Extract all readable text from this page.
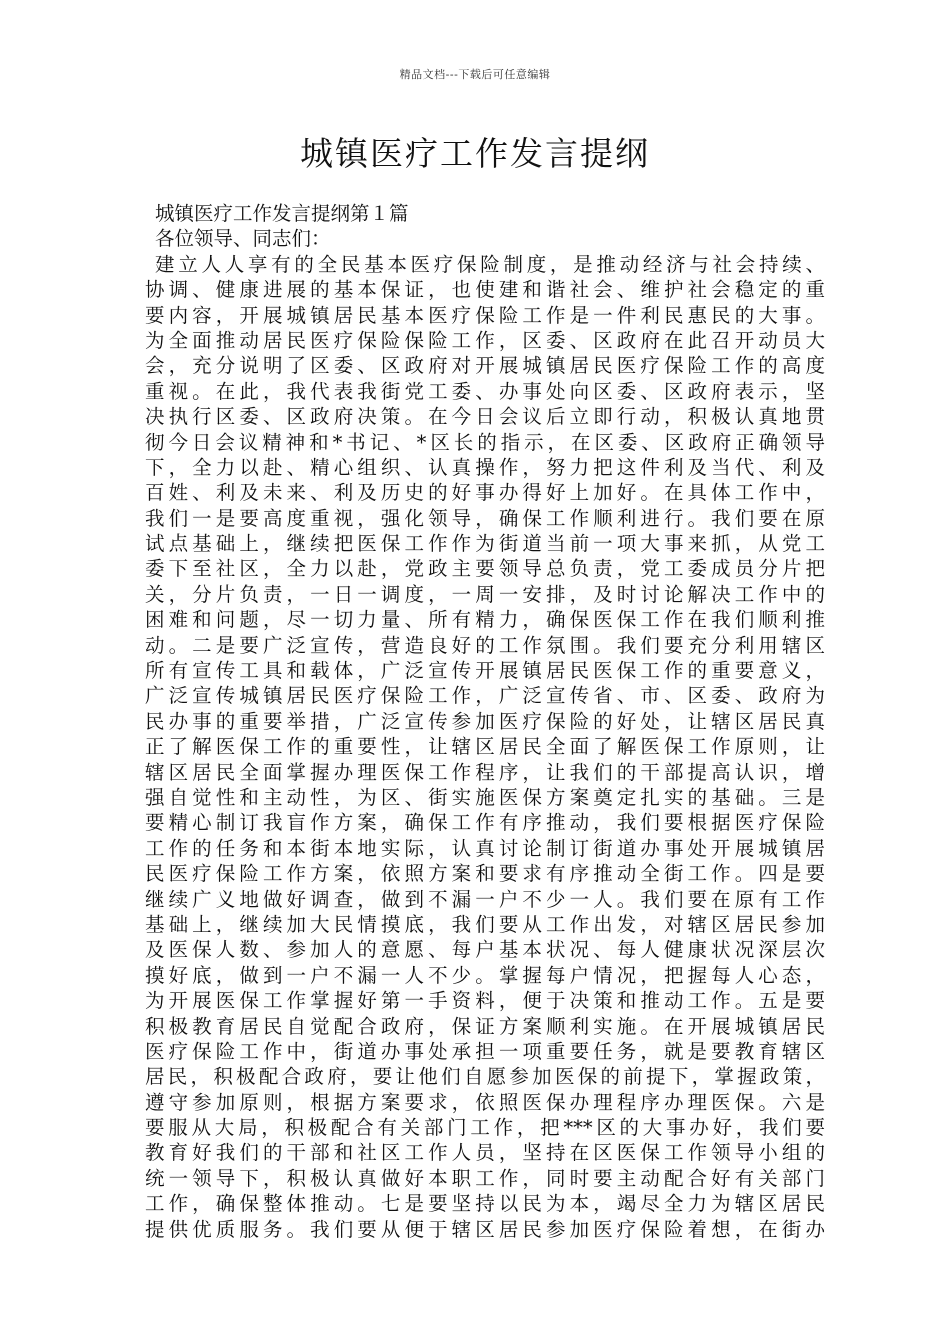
精品文档---下载后可任意编辑
城镇医疗工作发言提纲
城镇医疗工作发言提纲第１篇
各位领导、同志们：
建立人人享有的全民基本医疗保险制度，是推动经济与社会持续、
协调、健康进展的基本保证，也使建和谐社会、维护社会稳定的重
要内容，开展城镇居民基本医疗保险工作是一件利民惠民的大事。
为全面推动居民医疗保险保险工作，区委、区政府在此召开动员大
会，充分说明了区委、区政府对开展城镇居民医疗保险工作的高度
重视。在此，我代表我街党工委、办事处向区委、区政府表示，坚
决执行区委、区政府决策。在今日会议后立即行动，积极认真地贯
彻今日会议精神和*书记、*区长的指示，在区委、区政府正确领导
下，全力以赴、精心组织、认真操作，努力把这件利及当代、利及
百姓、利及未来、利及历史的好事办得好上加好。在具体工作中，
我们一是要高度重视，强化领导，确保工作顺利进行。我们要在原
试点基础上，继续把医保工作作为街道当前一项大事来抓，从党工
委下至社区，全力以赴，党政主要领导总负责，党工委成员分片把
关，分片负责，一日一调度，一周一安排，及时讨论解决工作中的
困难和问题，尽一切力量、所有精力，确保医保工作在我们顺利推
动。二是要广泛宣传，营造良好的工作氛围。我们要充分利用辖区
所有宣传工具和载体，广泛宣传开展镇居民医保工作的重要意义，
广泛宣传城镇居民医疗保险工作，广泛宣传省、市、区委、政府为
民办事的重要举措，广泛宣传参加医疗保险的好处，让辖区居民真
正了解医保工作的重要性，让辖区居民全面了解医保工作原则，让
辖区居民全面掌握办理医保工作程序，让我们的干部提高认识，增
强自觉性和主动性，为区、街实施医保方案奠定扎实的基础。三是
要精心制订我盲作方案，确保工作有序推动，我们要根据医疗保险
工作的任务和本街本地实际，认真讨论制订街道办事处开展城镇居
民医疗保险工作方案，依照方案和要求有序推动全街工作。四是要
继续广义地做好调查，做到不漏一户不少一人。我们要在原有工作
基础上，继续加大民情摸底，我们要从工作出发，对辖区居民参加
及医保人数、参加人的意愿、每户基本状况、每人健康状况深层次
摸好底，做到一户不漏一人不少。掌握每户情况，把握每人心态，
为开展医保工作掌握好第一手资料，便于决策和推动工作。五是要
积极教育居民自觉配合政府，保证方案顺利实施。在开展城镇居民
医疗保险工作中，街道办事处承担一项重要任务，就是要教育辖区
居民，积极配合政府，要让他们自愿参加医保的前提下，掌握政策，
遵守参加原则，根据方案要求，依照医保办理程序办理医保。六是
要服从大局，积极配合有关部门工作，把***区的大事办好，我们要
教育好我们的干部和社区工作人员，坚持在区医保工作领导小组的
统一领导下，积极认真做好本职工作，同时要主动配合好有关部门
工作，确保整体推动。七是要坚持以民为本，竭尽全力为辖区居民
提供优质服务。我们要从便于辖区居民参加医疗保险着想，在街办
